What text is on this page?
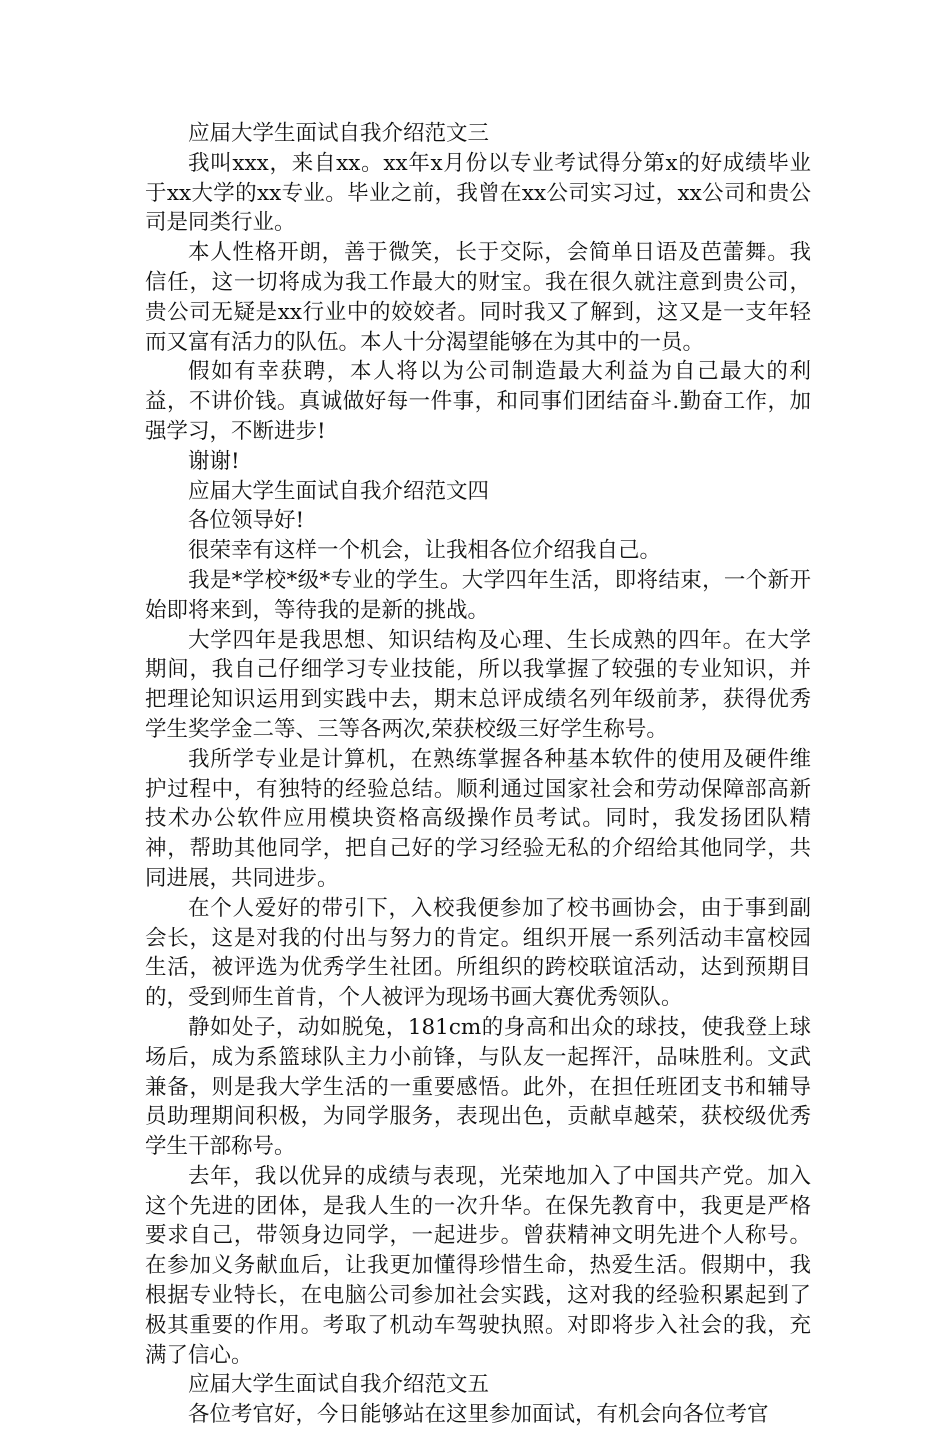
应届大学生面试自我介绍范文三

我叫xxx，来自xx。xx年x月份以专业考试得分第x的好成绩毕业于xx大学的xx专业。毕业之前，我曾在xx公司实习过，xx公司和贵公司是同类行业。

本人性格开朗，善于微笑，长于交际，会简单日语及芭蕾舞。我信任，这一切将成为我工作最大的财宝。我在很久就注意到贵公司，贵公司无疑是xx行业中的姣姣者。同时我又了解到，这又是一支年轻而又富有活力的队伍。本人十分渴望能够在为其中的一员。

假如有幸获聘，本人将以为公司制造最大利益为自己最大的利益，不讲价钱。真诚做好每一件事，和同事们团结奋斗.勤奋工作，加强学习，不断进步!

谢谢!

应届大学生面试自我介绍范文四

各位领导好!

很荣幸有这样一个机会，让我相各位介绍我自己。

我是*学校*级*专业的学生。大学四年生活，即将结束，一个新开始即将来到，等待我的是新的挑战。

大学四年是我思想、知识结构及心理、生长成熟的四年。在大学期间，我自己仔细学习专业技能，所以我掌握了较强的专业知识，并把理论知识运用到实践中去，期末总评成绩名列年级前茅，获得优秀学生奖学金二等、三等各两次,荣获校级三好学生称号。

我所学专业是计算机，在熟练掌握各种基本软件的使用及硬件维护过程中，有独特的经验总结。顺利通过国家社会和劳动保障部高新技术办公软件应用模块资格高级操作员考试。同时，我发扬团队精神，帮助其他同学，把自己好的学习经验无私的介绍给其他同学，共同进展，共同进步。

在个人爱好的带引下，入校我便参加了校书画协会，由于事到副会长，这是对我的付出与努力的肯定。组织开展一系列活动丰富校园生活，被评选为优秀学生社团。所组织的跨校联谊活动，达到预期目的，受到师生首肯，个人被评为现场书画大赛优秀领队。

静如处子，动如脱兔，181cm的身高和出众的球技，使我登上球场后，成为系篮球队主力小前锋，与队友一起挥汗，品味胜利。文武兼备，则是我大学生活的一重要感悟。此外，在担任班团支书和辅导员助理期间积极，为同学服务，表现出色，贡献卓越荣，获校级优秀学生干部称号。

去年，我以优异的成绩与表现，光荣地加入了中国共产党。加入这个先进的团体，是我人生的一次升华。在保先教育中，我更是严格要求自己，带领身边同学，一起进步。曾获精神文明先进个人称号。在参加义务献血后，让我更加懂得珍惜生命，热爱生活。假期中，我根据专业特长，在电脑公司参加社会实践，这对我的经验积累起到了极其重要的作用。考取了机动车驾驶执照。对即将步入社会的我，充满了信心。

应届大学生面试自我介绍范文五

各位考官好，今日能够站在这里参加面试，有机会向各位考官
